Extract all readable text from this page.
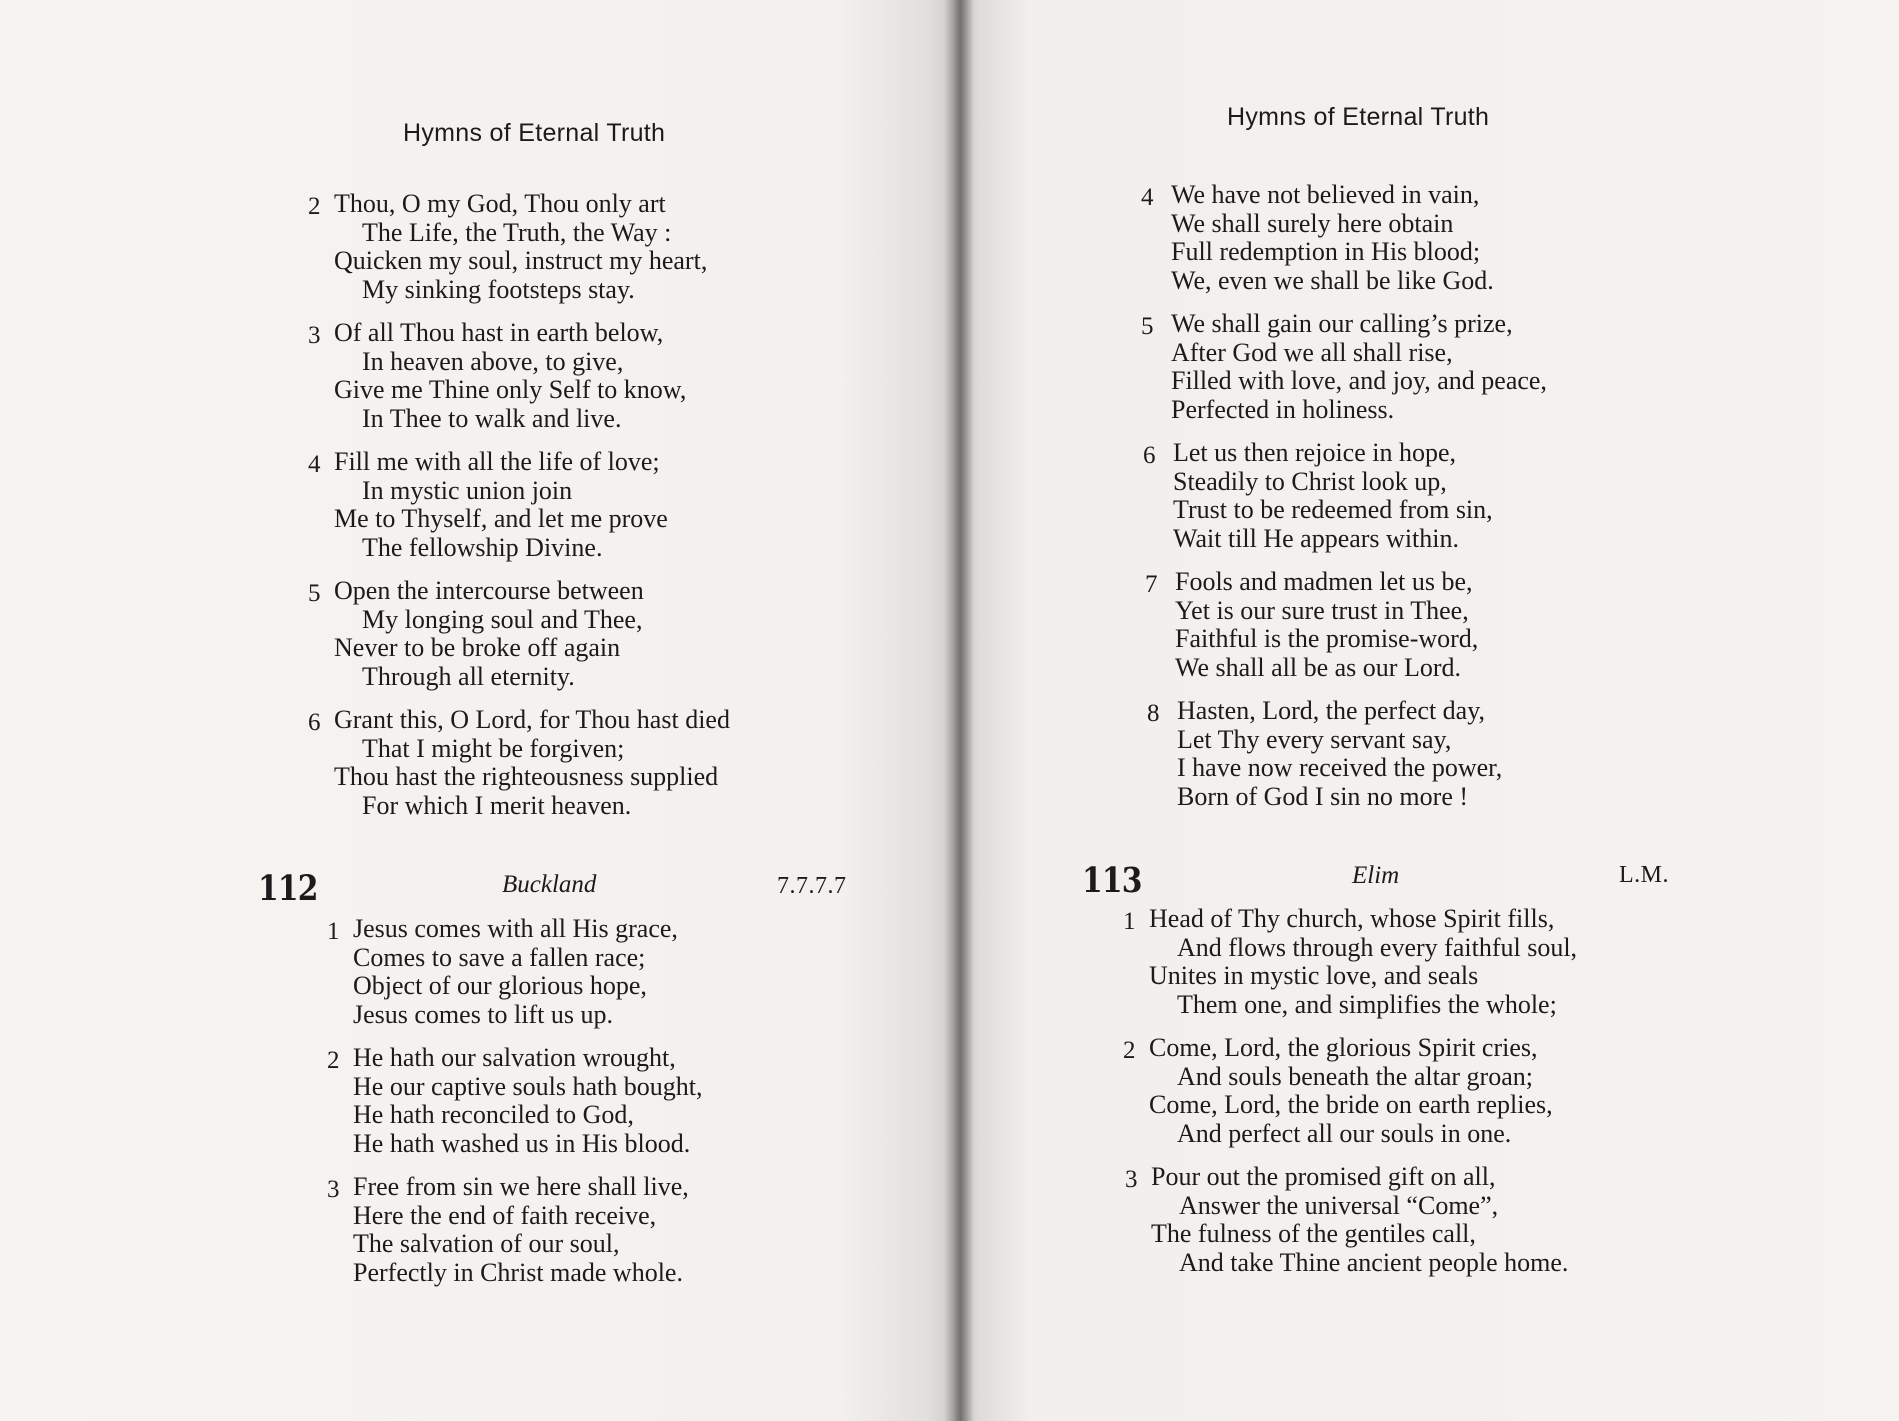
Hymns of Eternal Truth
2 Thou, O my God, Thou only art
The Life, the Truth, the Way :
Quicken my soul, instruct my heart,
My sinking footsteps stay.
3 Of all Thou hast in earth below,
In heaven above, to give,
Give me Thine only Self to know,
In Thee to walk and live.
4 Fill me with all the life of love;
In mystic union join
Me to Thyself, and let me prove
The fellowship Divine.
5 Open the intercourse between
My longing soul and Thee,
Never to be broke off again
Through all eternity.
6 Grant this, O Lord, for Thou hast died
That I might be forgiven;
Thou hast the righteousness supplied
For which I merit heaven.
112	Buckland	7.7.7.7
1 Jesus comes with all His grace,
Comes to save a fallen race;
Object of our glorious hope,
Jesus comes to lift us up.
2 He hath our salvation wrought,
He our captive souls hath bought,
He hath reconciled to God,
He hath washed us in His blood.
3 Free from sin we here shall live,
Here the end of faith receive,
The salvation of our soul,
Perfectly in Christ made whole.
Hymns of Eternal Truth
4 We have not believed in vain,
We shall surely here obtain
Full redemption in His blood;
We, even we shall be like God.
5 We shall gain our calling’s prize,
After God we all shall rise,
Filled with love, and joy, and peace,
Perfected in holiness.
6 Let us then rejoice in hope,
Steadily to Christ look up,
Trust to be redeemed from sin,
Wait till He appears within.
7 Fools and madmen let us be,
Yet is our sure trust in Thee,
Faithful is the promise-word,
We shall all be as our Lord.
8 Hasten, Lord, the perfect day,
Let Thy every servant say,
I have now received the power,
Born of God I sin no more !
113	Elim	L.M.
1 Head of Thy church, whose Spirit fills,
And flows through every faithful soul,
Unites in mystic love, and seals
Them one, and simplifies the whole;
2 Come, Lord, the glorious Spirit cries,
And souls beneath the altar groan;
Come, Lord, the bride on earth replies,
And perfect all our souls in one.
3 Pour out the promised gift on all,
Answer the universal “Come”,
The fulness of the gentiles call,
And take Thine ancient people home.
